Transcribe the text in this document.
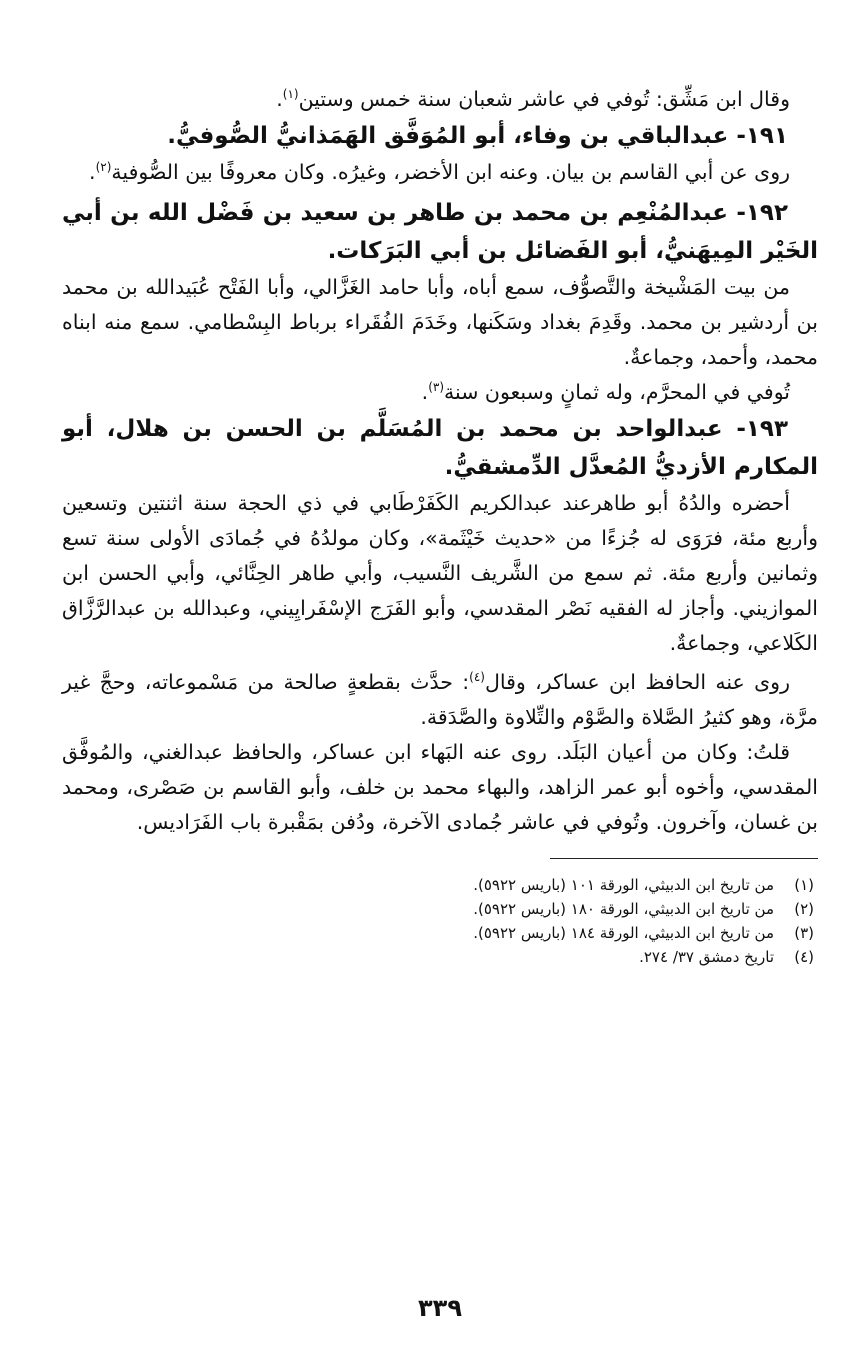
وقال ابن مَشِّق: تُوفي في عاشر شعبان سنة خمس وستين$^{(١)}$.

١٩١- عبدالباقي بن وفاء، أبو المُوَفَّق الهَمَذانيُّ الصُّوفيُّ.

روى عن أبي القاسم بن بيان. وعنه ابن الأخضر، وغيرُه. وكان معروفًا بين الصُّوفية$^{(٢)}$.

١٩٢- عبدالمُنْعِم بن محمد بن طاهر بن سعيد بن فَضْل الله بن أبي الخَيْر المِيهَنيُّ، أبو الفَضائل بن أبي البَرَكات.

من بيت المَشْيخة والتَّصوُّف، سمع أباه، وأبا حامد الغَزَّالي، وأبا الفَتْح عُبَيدالله بن محمد بن أردشير بن محمد. وقَدِمَ بغداد وسَكَنها، وخَدَمَ الفُقَراء برباط البِسْطامي. سمع منه ابناه محمد، وأحمد، وجماعةٌ.

تُوفي في المحرَّم، وله ثمانٍ وسبعون سنة$^{(٣)}$.

١٩٣- عبدالواحد بن محمد بن المُسَلَّم بن الحسن بن هلال، أبو المكارم الأزديُّ المُعدَّل الدِّمشقيُّ.

أحضره والدُهُ أبو طاهرعند عبدالكريم الكَفَرْطَابي في ذي الحجة سنة اثنتين وتسعين وأربع مئة، فرَوَى له جُزءًا من «حديث خَيْثَمة»، وكان مولدُهُ في جُمادَى الأولى سنة تسع وثمانين وأربع مئة. ثم سمع من الشَّريف النَّسيب، وأبي طاهر الحِنَّائي، وأبي الحسن ابن الموازيني. وأجاز له الفقيه نَصْر المقدسي، وأبو الفَرَج الإسْفَرايِيني، وعبدالله بن عبدالرَّزَّاق الكَلاعي، وجماعةٌ.

روى عنه الحافظ ابن عساكر، وقال$^{(٤)}$: حدَّث بقطعةٍ صالحة من مَسْموعاته، وحجَّ غير مرَّة، وهو كثيرُ الصَّلاة والصَّوْم والتِّلاوة والصَّدَقة.

قلتُ: وكان من أعيان البَلَد. روى عنه البَهاء ابن عساكر، والحافظ عبدالغني، والمُوفَّق المقدسي، وأخوه أبو عمر الزاهد، والبهاء محمد بن خلف، وأبو القاسم بن صَصْرى، ومحمد بن غسان، وآخرون. وتُوفي في عاشر جُمادى الآخرة، ودُفن بمَقْبرة باب الفَرَاديس.

(١)
من تاريخ ابن الدبيثي، الورقة ١٠١ (باريس ٥٩٢٢).
(٢)
من تاريخ ابن الدبيثي، الورقة ١٨٠ (باريس ٥٩٢٢).
(٣)
من تاريخ ابن الدبيثي، الورقة ١٨٤ (باريس ٥٩٢٢).
(٤)
تاريخ دمشق ٣٧/ ٢٧٤.
٣٣٩
